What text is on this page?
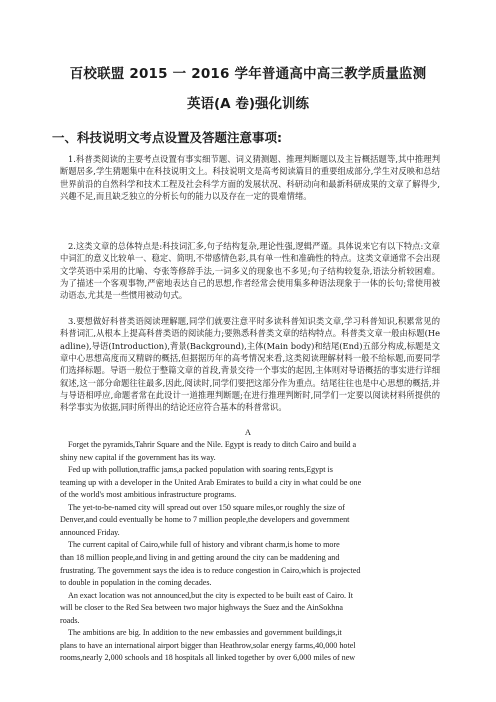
百校联盟 2015 一 2016 学年普通高中高三教学质量监测
英语(A 卷)强化训练
一、科技说明文考点设置及答题注意事项:
1.科普类阅读的主要考点设置有事实细节题、词义猜测题、推理判断题以及主旨概括题等,其中推理判断题居多,学生猜题集中在科技说明文上。科技说明文是高考阅读篇目的重要组成部分,学生对反映和总结世界前沿的自然科学和技术工程及社会科学方面的发展状况、科研动向和最新科研成果的文章了解得少,兴趣不足,而且缺乏独立的分析长句的能力以及存在一定的畏难情绪。
2.这类文章的总体特点是:科技词汇多,句子结构复杂,理论性强,逻辑严谨。具体说来它有以下特点:文章中词汇的意义比较单一、稳定、简明,不带感情色彩,具有单一性和准确性的特点。这类文章通常不会出现文学英语中采用的比喻、夸张等修辞手法,一词多义的现象也不多见;句子结构较复杂,语法分析较困难。为了描述一个客观事物,严密地表达自己的思想,作者经常会使用集多种语法现象于一体的长句;常使用被动语态,尤其是一些惯用被动句式。
3.要想做好科普类语阅读理解题,同学们就要注意平时多读科普知识类文章,学习科普知识,积累常见的科普词汇,从根本上提高科普类语的阅读能力;要熟悉科普类文章的结构特点。科普类文章一般由标题(Headline),导语(Introduction),背景(Background),主体(Main body)和结尾(End)五部分构成,标题是文章中心思想高度而又精辟的概括,但据据历年的高考情况来看,这类阅读理解材料一般不给标题,而要同学们选择标题。导语一般位于整篇文章的首段,背景交待一个事实的起因,主体则对导语概括的事实进行详细叙述,这一部分命题往往最多,因此,阅读时,同学们要把这部分作为重点。结尾往往也是中心思想的概括,并与导语相呼应,命题者常在此设计一道推理判断题;在进行推理判断时,同学们一定要以阅读材料所提供的科学事实为依据,同时所得出的结论还应符合基本的科普常识。
A
Forget the pyramids,Tahrir Square and the Nile. Egypt is ready to ditch Cairo and build a
shiny new capital if the government has its way.
Fed up with pollution,traffic jams,a packed population with soaring rents,Egypt is
teaming up with a developer in the United Arab Emirates to build a city in what could be one
of the world's most ambitious infrastructure programs.
The yet-to-be-named city will spread out over 150 square miles,or roughly the size of
Denver,and could eventually be home to 7 million people,the developers and government
announced Friday.
The current capital of Cairo,while full of history and vibrant charm,is home to more
than 18 million people,and living in and getting around the city can be maddening and
frustrating. The government says the idea is to reduce congestion in Cairo,which is projected
to double in population in the coming decades.
An exact location was not announced,but the city is expected to be built east of Cairo. It
will be closer to the Red Sea between two major highways the Suez and the AinSokhna
roads.
The ambitions are big. In addition to the new embassies and government buildings,it
plans to have an international airport bigger than Heathrow,solar energy farms,40,000 hotel
rooms,nearly 2,000 schools and 18 hospitals all linked together by over 6,000 miles of new
